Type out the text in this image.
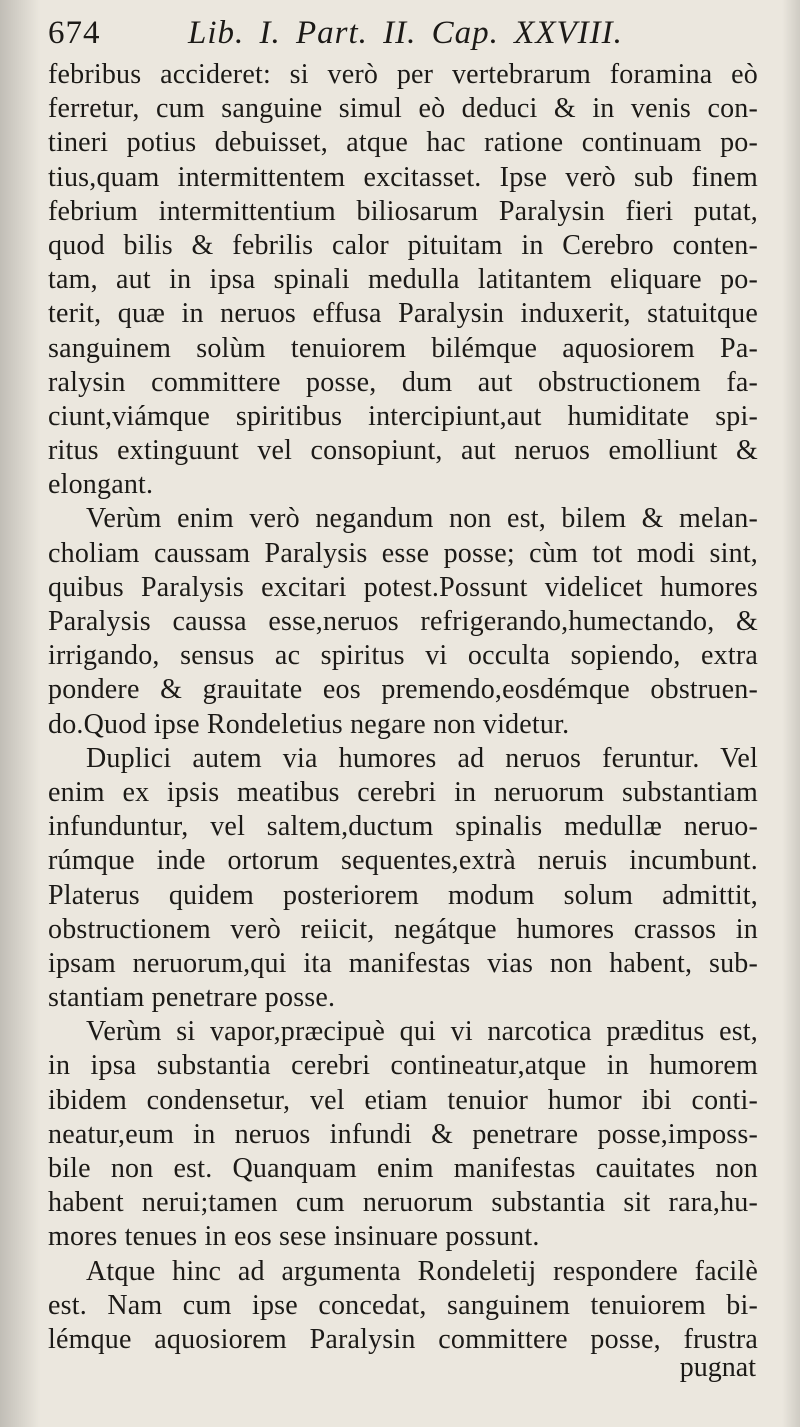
674	Lib. I. Part. II. Cap. XXVIII.
febribus accideret: si verò per vertebrarum foramina eò
ferretur, cum sanguine simul eò deduci & in venis con-
tineri potius debuisset, atque hac ratione continuam po-
tius,quam intermittentem excitasset. Ipse verò sub finem
febrium intermittentium biliosarum Paralysin fieri putat,
quod bilis & febrilis calor pituitam in Cerebro conten-
tam, aut in ipsa spinali medulla latitantem eliquare po-
terit, quæ in neruos effusa Paralysin induxerit, statuitque
sanguinem solùm tenuiorem bilémque aquosiorem Pa-
ralysin committere posse, dum aut obstructionem fa-
ciunt,viámque spiritibus intercipiunt,aut humiditate spi-
ritus extinguunt vel consopiunt, aut neruos emolliunt &
elongant.
Verùm enim verò negandum non est, bilem & melan-
choliam caussam Paralysis esse posse; cùm tot modi sint,
quibus Paralysis excitari potest.Possunt videlicet humores
Paralysis caussa esse,neruos refrigerando,humectando, &
irrigando, sensus ac spiritus vi occulta sopiendo, extra
pondere & grauitate eos premendo,eosdémque obstruen-
do.Quod ipse Rondeletius negare non videtur.
Duplici autem via humores ad neruos feruntur. Vel
enim ex ipsis meatibus cerebri in neruorum substantiam
infunduntur, vel saltem,ductum spinalis medullæ neruo-
rúmque inde ortorum sequentes,extrà neruis incumbunt.
Platerus quidem posteriorem modum solum admittit,
obstructionem verò reiicit, negátque humores crassos in
ipsam neruorum,qui ita manifestas vias non habent, sub-
stantiam penetrare posse.
Verùm si vapor,præcipuè qui vi narcotica præditus est,
in ipsa substantia cerebri contineatur,atque in humorem
ibidem condensetur, vel etiam tenuior humor ibi conti-
neatur,eum in neruos infundi & penetrare posse,imposs-
bile non est. Quanquam enim manifestas cauitates non
habent nerui;tamen cum neruorum substantia sit rara,hu-
mores tenues in eos sese insinuare possunt.
Atque hinc ad argumenta Rondeletij respondere facilè
est. Nam cum ipse concedat, sanguinem tenuiorem bi-
lémque aquosiorem Paralysin committere posse, frustra
pugnat
